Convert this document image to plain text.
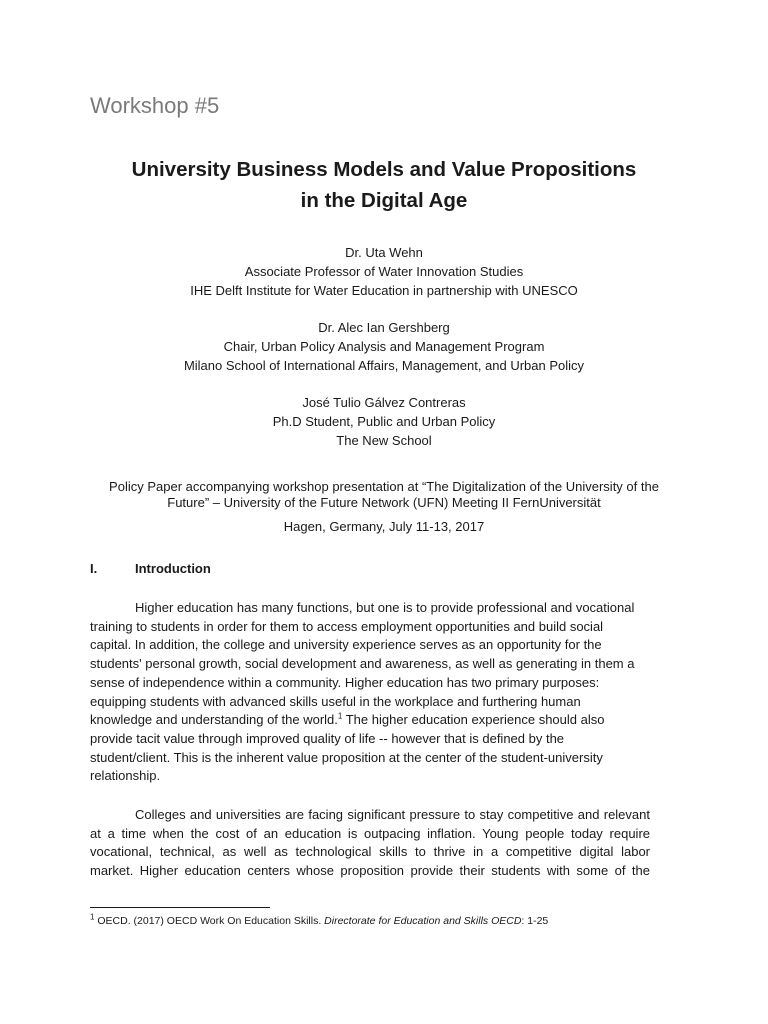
Workshop #5
University Business Models and Value Propositions
in the Digital Age
Dr. Uta Wehn
Associate Professor of Water Innovation Studies
IHE Delft Institute for Water Education in partnership with UNESCO
Dr. Alec Ian Gershberg
Chair, Urban Policy Analysis and Management Program
Milano School of International Affairs, Management, and Urban Policy
José Tulio Gálvez Contreras
Ph.D Student, Public and Urban Policy
The New School
Policy Paper accompanying workshop presentation at “The Digitalization of the University of the
Future” – University of the Future Network (UFN) Meeting II FernUniversität
Hagen, Germany, July 11-13, 2017
I.	Introduction

Higher education has many functions, but one is to provide professional and vocational
training to students in order for them to access employment opportunities and build social
capital. In addition, the college and university experience serves as an opportunity for the
students' personal growth, social development and awareness, as well as generating in them a
sense of independence within a community. Higher education has two primary purposes:
equipping students with advanced skills useful in the workplace and furthering human
knowledge and understanding of the world.$^1$ The higher education experience should also
provide tacit value through improved quality of life -- however that is defined by the
student/client. This is the inherent value proposition at the center of the student-university
relationship.

Colleges and universities are facing significant pressure to stay competitive and relevant
at a time when the cost of an education is outpacing inflation. Young people today require
vocational, technical, as well as technological skills to thrive in a competitive digital labor
market. Higher education centers whose proposition provide their students with some of the

$^1$ OECD. (2017) OECD Work On Education Skills. Directorate for Education and Skills OECD: 1-25
